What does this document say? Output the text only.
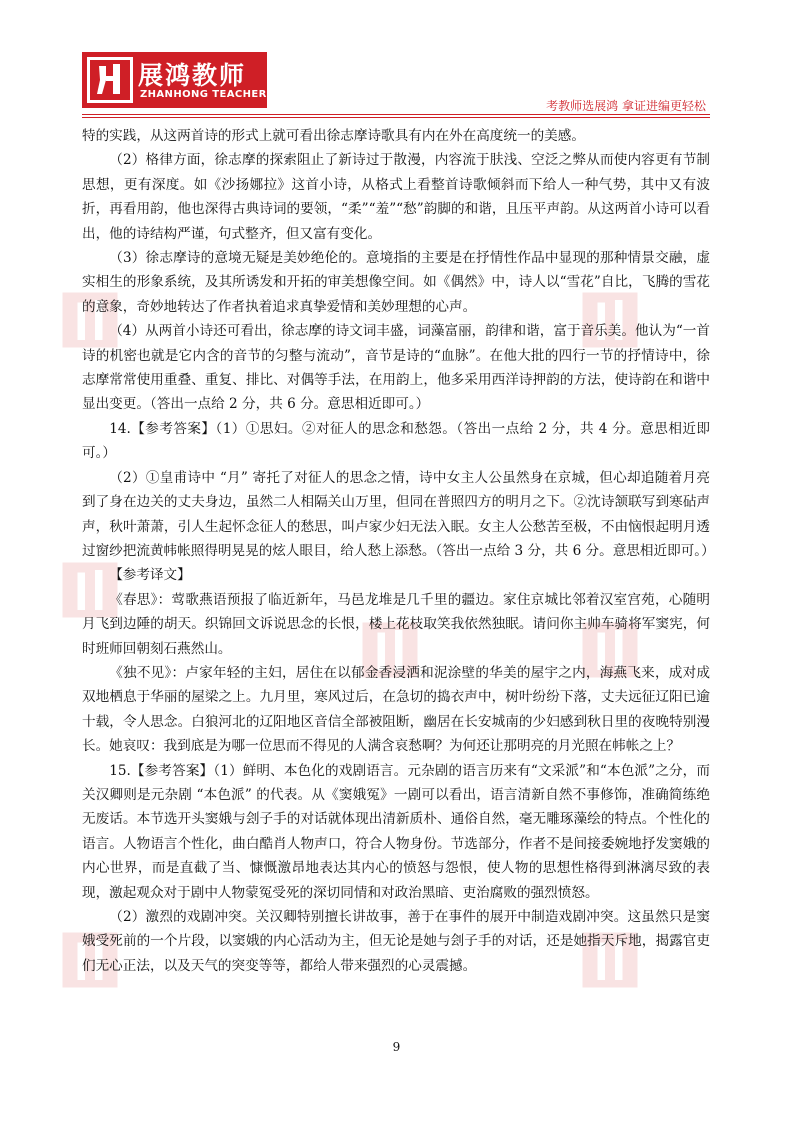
展鸿教师
ZHANHONG TEACHER
考教师选展鸿 拿证进编更轻松

特的实践，从这两首诗的形式上就可看出徐志摩诗歌具有内在外在高度统一的美感。

（2）格律方面，徐志摩的探索阻止了新诗过于散漫，内容流于肤浅、空泛之弊从而使内容更有节制思想，更有深度。如《沙扬娜拉》这首小诗，从格式上看整首诗歌倾斜而下给人一种气势，其中又有波折，再看用韵，他也深得古典诗词的要领，“柔”“羞”“愁”韵脚的和谐，且压平声韵。从这两首小诗可以看出，他的诗结构严谨，句式整齐，但又富有变化。

（3）徐志摩诗的意境无疑是美妙绝伦的。意境指的主要是在抒情性作品中显现的那种情景交融，虚实相生的形象系统，及其所诱发和开拓的审美想像空间。如《偶然》中，诗人以“雪花”自比，飞腾的雪花的意象，奇妙地转达了作者执着追求真挚爱情和美妙理想的心声。

（4）从两首小诗还可看出，徐志摩的诗文词丰盛，词藻富丽，韵律和谐，富于音乐美。他认为“一首诗的机密也就是它内含的音节的匀整与流动”，音节是诗的“血脉”。在他大批的四行一节的抒情诗中，徐志摩常常使用重叠、重复、排比、对偶等手法，在用韵上，他多采用西洋诗押韵的方法，使诗韵在和谐中显出变更。（答出一点给 2 分，共 6 分。意思相近即可。）

14.【参考答案】（1）①思妇。②对征人的思念和愁怨。（答出一点给 2 分，共 4 分。意思相近即可。）

（2）①皇甫诗中 “月” 寄托了对征人的思念之情，诗中女主人公虽然身在京城，但心却追随着月亮到了身在边关的丈夫身边，虽然二人相隔关山万里，但同在普照四方的明月之下。②沈诗颔联写到寒砧声声，秋叶萧萧，引人生起怀念征人的愁思，叫卢家少妇无法入眠。女主人公愁苦至极，不由恼恨起明月透过窗纱把流黄帏帐照得明晃晃的炫人眼目，给人愁上添愁。（答出一点给 3 分，共 6 分。意思相近即可。）

【参考译文】

《春思》：莺歌燕语预报了临近新年，马邑龙堆是几千里的疆边。家住京城比邻着汉室宫苑，心随明月飞到边陲的胡天。织锦回文诉说思念的长恨，楼上花枝取笑我依然独眠。请问你主帅车骑将军窦宪，何时班师回朝刻石燕然山。

《独不见》：卢家年轻的主妇，居住在以郁金香浸洒和泥涂壁的华美的屋宇之内，海燕飞来，成对成双地栖息于华丽的屋梁之上。九月里，寒风过后，在急切的捣衣声中，树叶纷纷下落，丈夫远征辽阳已逾十载，令人思念。白狼河北的辽阳地区音信全部被阻断，幽居在长安城南的少妇感到秋日里的夜晚特别漫长。她哀叹：我到底是为哪一位思而不得见的人满含哀愁啊？为何还让那明亮的月光照在帏帐之上？

15.【参考答案】（1）鲜明、本色化的戏剧语言。元杂剧的语言历来有“文采派”和“本色派”之分，而关汉卿则是元杂剧 “本色派” 的代表。从《窦娥冤》一剧可以看出，语言清新自然不事修饰，准确简练绝无废话。本节选开头窦娥与刽子手的对话就体现出清新质朴、通俗自然，毫无雕琢藻绘的特点。个性化的语言。人物语言个性化，曲白酷肖人物声口，符合人物身份。节选部分，作者不是间接委婉地抒发窦娥的内心世界，而是直截了当、慷慨激昂地表达其内心的愤怒与怨恨，使人物的思想性格得到淋漓尽致的表现，激起观众对于剧中人物蒙冤受死的深切同情和对政治黑暗、吏治腐败的强烈愤怒。

（2）激烈的戏剧冲突。关汉卿特别擅长讲故事，善于在事件的展开中制造戏剧冲突。这虽然只是窦娥受死前的一个片段，以窦娥的内心活动为主，但无论是她与刽子手的对话，还是她指天斥地，揭露官吏们无心正法，以及天气的突变等等，都给人带来强烈的心灵震撼。

9
